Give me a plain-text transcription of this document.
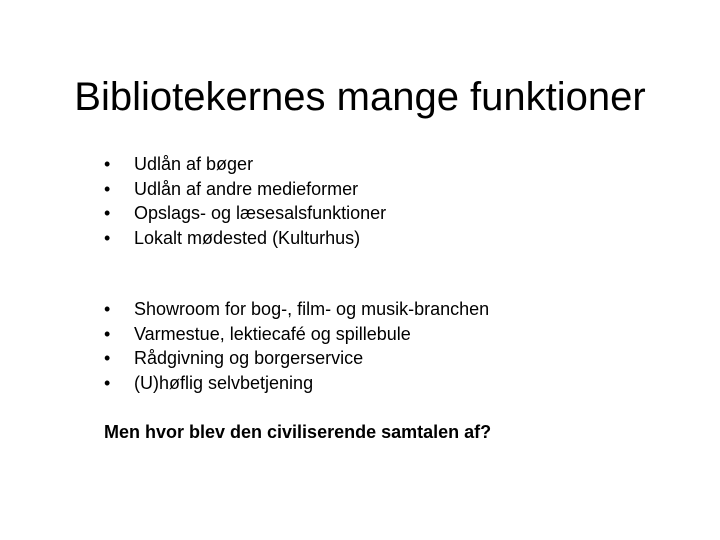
Bibliotekernes mange funktioner
•	Udlån af bøger
•	Udlån af andre medieformer
•	Opslags- og læsesalsfunktioner
•	Lokalt mødested (Kulturhus)
•	Showroom for bog-, film- og musik-branchen
•	Varmestue, lektiecafé og spillebule
•	Rådgivning og borgerservice
•	(U)høflig selvbetjening
Men hvor blev den civiliserende samtalen af?
